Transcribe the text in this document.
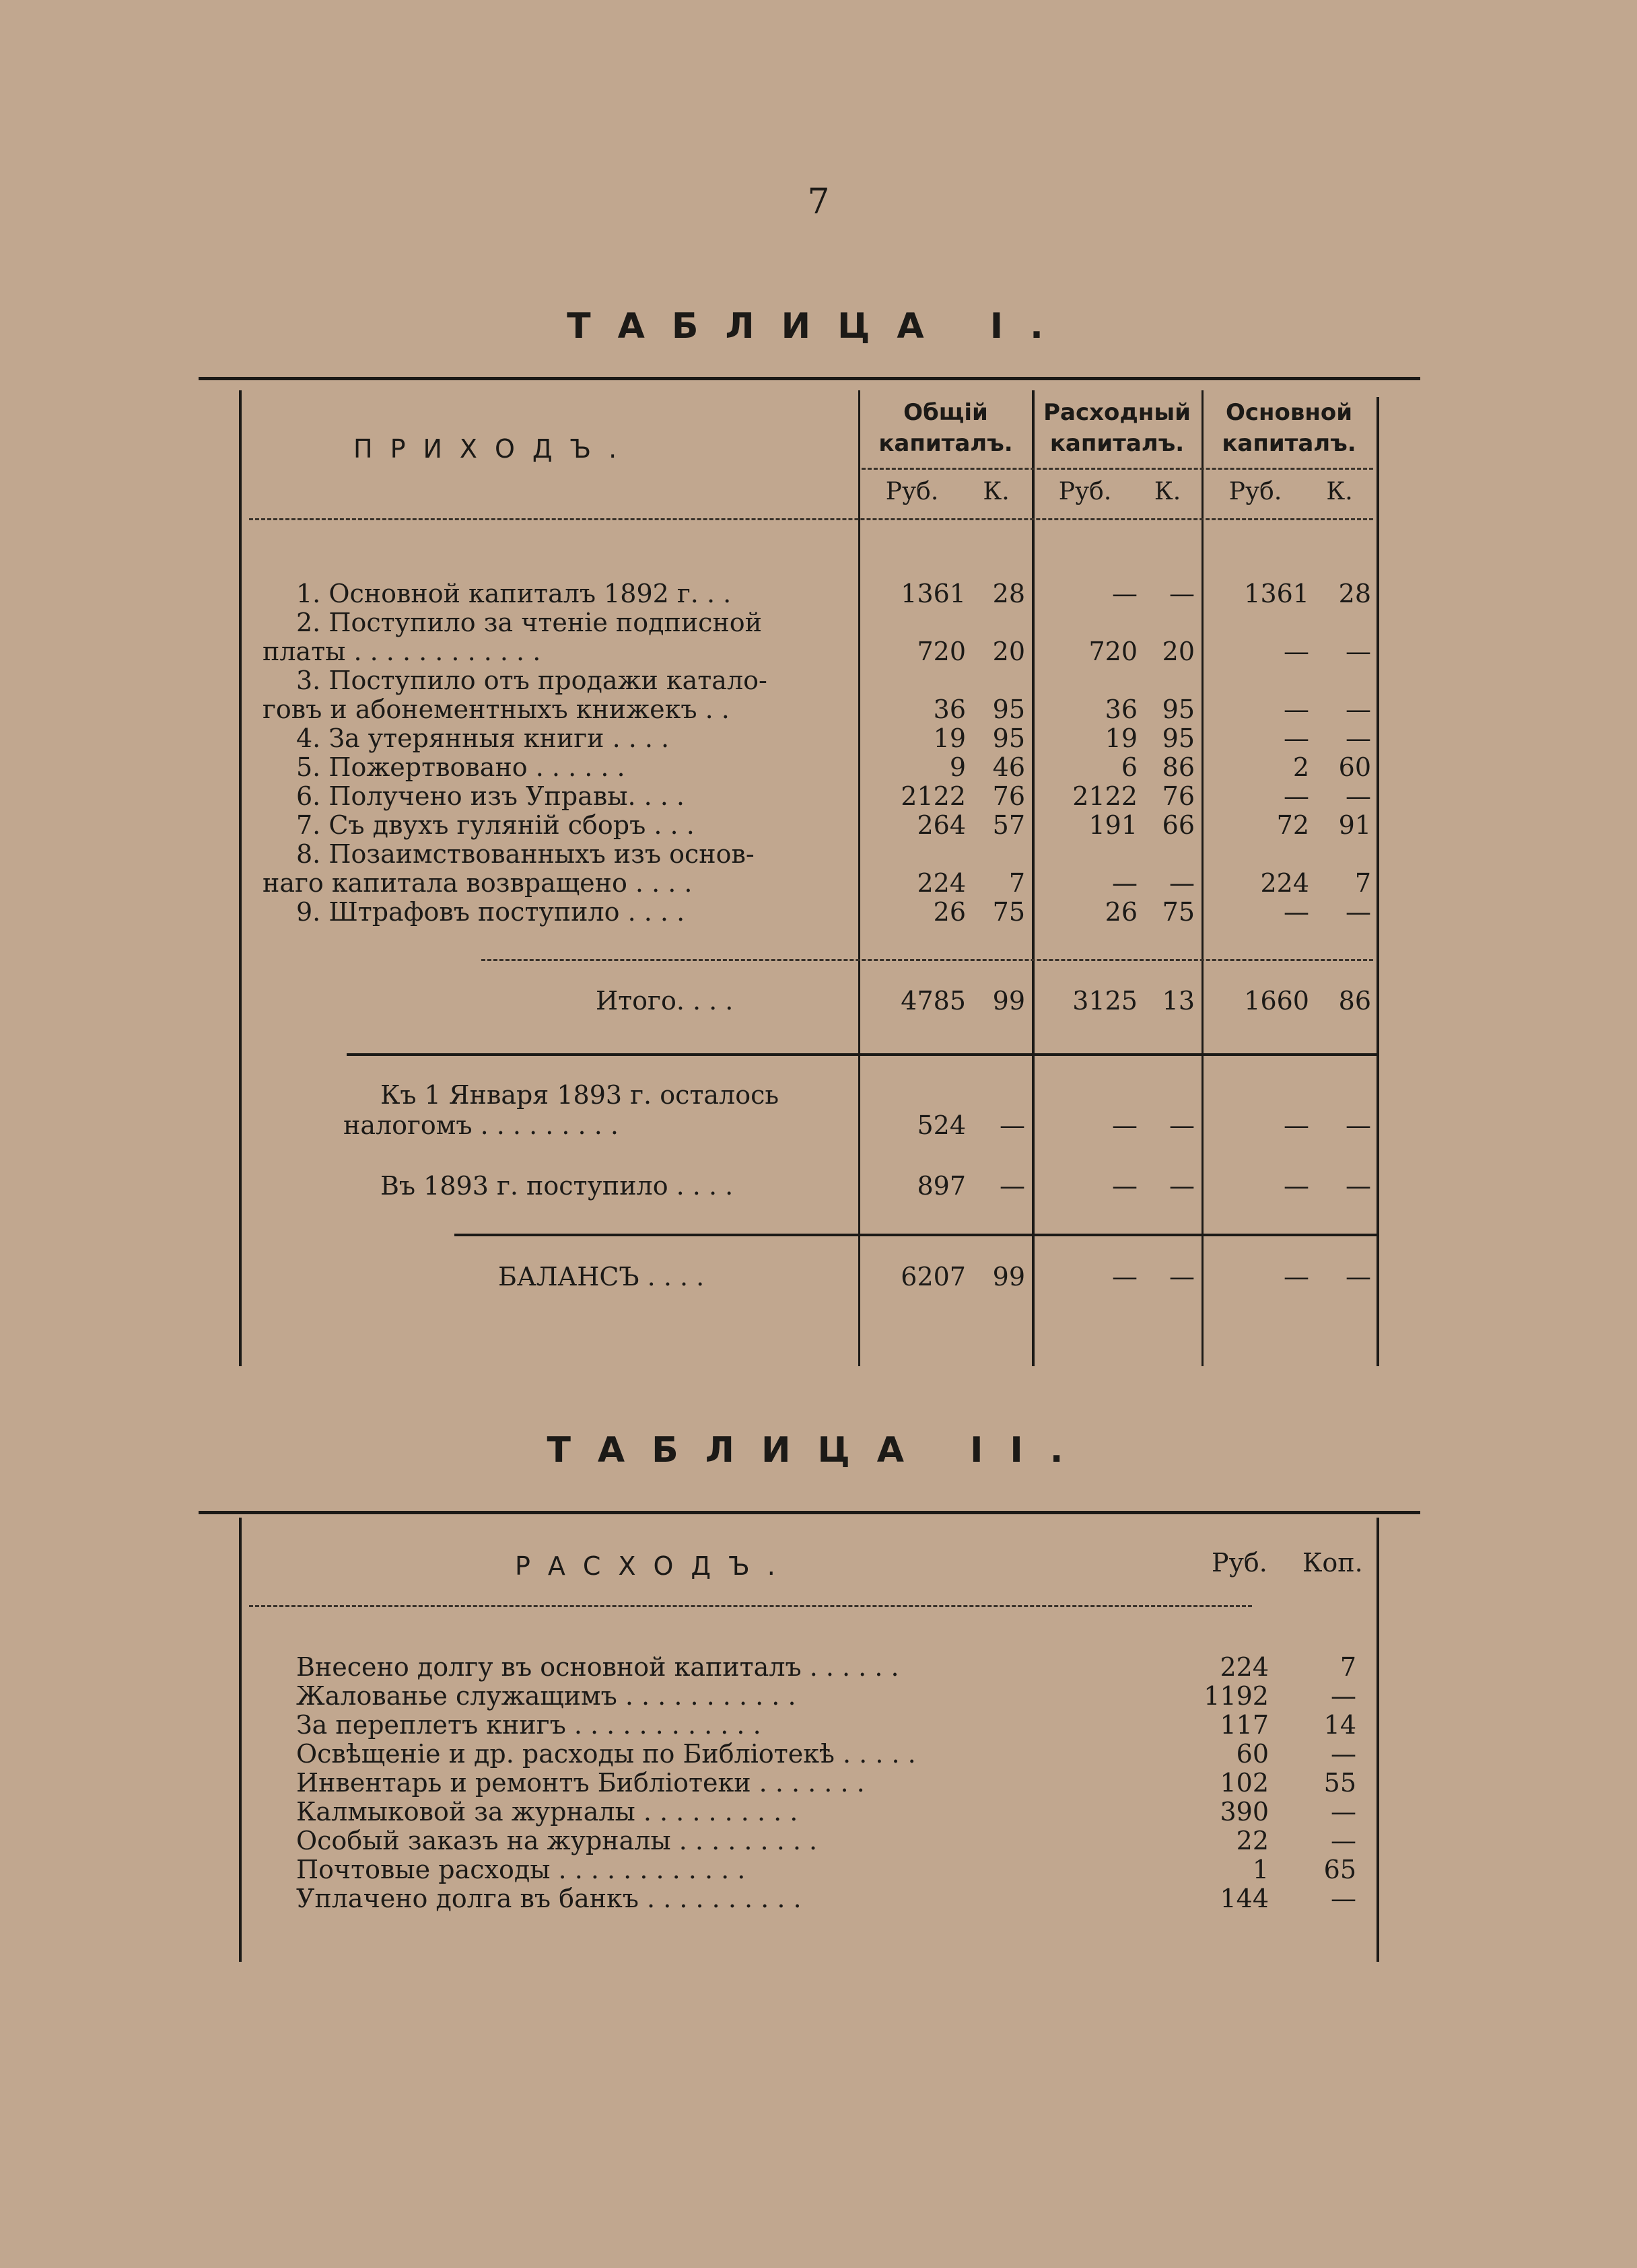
7
ТАБЛИЦА I.
ПРИХОДЪ.
Общій капиталъ.
Расходный капиталъ.
Основной капиталъ.
Руб.	К.	Руб.	К.	Руб.	К.
1. Основной капиталъ 1892 г. . .	1361	28	—	—	1361	28
2. Поступило за чтеніе подписной
платы . . . . . . . . . . . .	720	20	720 20	—	—
3. Поступило отъ продажи катало-
говъ и абонементныхъ книжекъ . .	36	95	36 95	—	—
4. За утерянныя книги . . . .	19	95	19 95	—	—
5. Пожертвовано . . . . . .	9	46	6 86	2	60
6. Получено изъ Управы. . . .	2122	76	2122 76	—	—
7. Съ двухъ гуляній сборъ . . .	264	57	191 66	72	91
8. Позаимствованныхъ изъ основ-
наго капитала возвращено . . . .	224	7	—	—	224	7
9. Штрафовъ поступило . . . .	26	75	26 75	—	—
Итого. . . .	4785	99	3125 13	1660	86
Къ 1 Января 1893 г. осталось
налогомъ . . . . . . . . .	524	—	—	—	—	—
Въ 1893 г. поступило . . . .	897	—	—	—	—	—
БАЛАНСЪ . . . .	6207	99	—	—	—	—
ТАБЛИЦА II.
РАСХОДЪ.	Руб. Коп.
Внесено долгу въ основной капиталъ . . . . . .	224	7
Жалованье служащимъ . . . . . . . . . . .	1192	—
За переплетъ книгъ . . . . . . . . . . . .	117	14
Освѣщеніе и др. расходы по Библіотекѣ . . . . .	60	—
Инвентарь и ремонтъ Библіотеки . . . . . . .	102	55
Калмыковой за журналы . . . . . . . . . .	390	—
Особый заказъ на журналы . . . . . . . . .	22	—
Почтовые расходы . . . . . . . . . . . .	1	65
Уплачено долга въ банкъ . . . . . . . . . .	144	—
